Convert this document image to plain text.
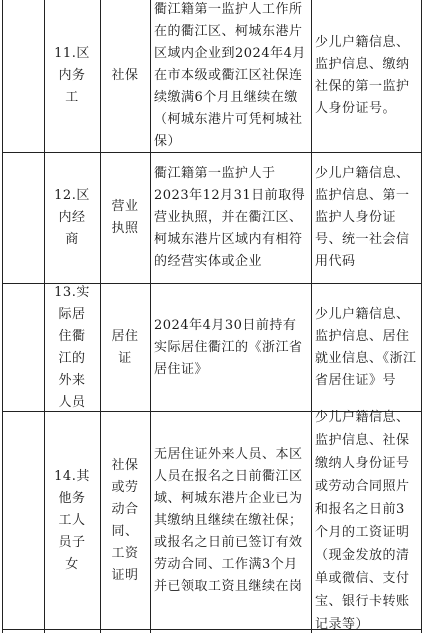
11.区内务工
社保
衢江籍第一监护人工作所在的衢江区、柯城东港片区域内企业到2024年4月在市本级或衢江区社保连续缴满6个月且继续在缴（柯城东港片可凭柯城社保）
少儿户籍信息、监护信息、缴纳社保的第一监护人身份证号。
12.区内经商
营业执照
衢江籍第一监护人于2023年12月31日前取得营业执照，并在衢江区、柯城东港片区域内有相符的经营实体或企业
少儿户籍信息、监护信息、第一监护人身份证号、统一社会信用代码
13.实际居住衢江的外来人员
居住证
2024年4月30日前持有实际居住衢江的《浙江省居住证》
少儿户籍信息、监护信息、居住就业信息、《浙江省居住证》号
14.其他务工人员子女
社保或劳动合同、工资证明
无居住证外来人员、本区人员在报名之日前衢江区域、柯城东港片企业已为其缴纳且继续在缴社保；或报名之日前已签订有效劳动合同、工作满3个月并已领取工资且继续在岗
少儿户籍信息、监护信息、社保缴纳人身份证号或劳动合同照片和报名之日前3个月的工资证明（现金发放的清单或微信、支付宝、银行卡转账记录等）
